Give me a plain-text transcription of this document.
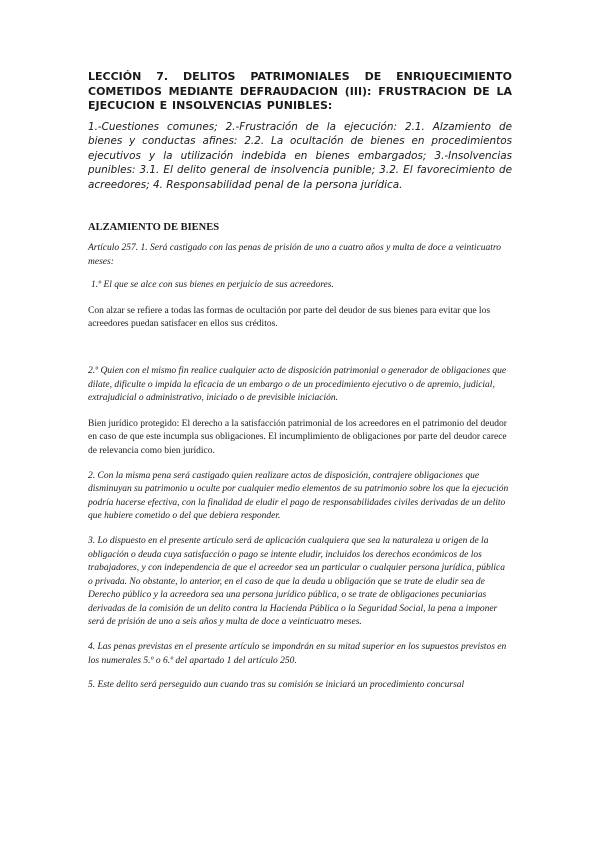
LECCIÓN 7. DELITOS PATRIMONIALES DE ENRIQUECIMIENTO COMETIDOS MEDIANTE DEFRAUDACION (III): FRUSTRACION DE LA EJECUCION E INSOLVENCIAS PUNIBLES:

1.-Cuestiones comunes; 2.-Frustración de la ejecución: 2.1. Alzamiento de bienes y conductas afines: 2.2. La ocultación de bienes en procedimientos ejecutivos y la utilización indebida en bienes embargados; 3.-Insolvencias punibles: 3.1. El delito general de insolvencia punible; 3.2. El favorecimiento de acreedores; 4. Responsabilidad penal de la persona jurídica.

ALZAMIENTO DE BIENES

Artículo 257. 1. Será castigado con las penas de prisión de uno a cuatro años y multa de doce a veinticuatro meses:

1.º El que se alce con sus bienes en perjuicio de sus acreedores.

Con alzar se refiere a todas las formas de ocultación por parte del deudor de sus bienes para evitar que los acreedores puedan satisfacer en ellos sus créditos.

2.º Quien con el mismo fin realice cualquier acto de disposición patrimonial o generador de obligaciones que dilate, dificulte o impida la eficacia de un embargo o de un procedimiento ejecutivo o de apremio, judicial, extrajudicial o administrativo, iniciado o de previsible iniciación.

Bien jurídico protegido: El derecho a la satisfacción patrimonial de los acreedores en el patrimonio del deudor en caso de que este incumpla sus obligaciones. El incumplimiento de obligaciones por parte del deudor carece de relevancia como bien jurídico.

2. Con la misma pena será castigado quien realizare actos de disposición, contrajere obligaciones que disminuyan su patrimonio u oculte por cualquier medio elementos de su patrimonio sobre los que la ejecución podría hacerse efectiva, con la finalidad de eludir el pago de responsabilidades civiles derivadas de un delito que hubiere cometido o del que debiera responder.

3. Lo dispuesto en el presente artículo será de aplicación cualquiera que sea la naturaleza u origen de la obligación o deuda cuya satisfacción o pago se intente eludir, incluidos los derechos económicos de los trabajadores, y con independencia de que el acreedor sea un particular o cualquier persona jurídica, pública o privada. No obstante, lo anterior, en el caso de que la deuda u obligación que se trate de eludir sea de Derecho público y la acreedora sea una persona jurídico pública, o se trate de obligaciones pecuniarias derivadas de la comisión de un delito contra la Hacienda Pública o la Seguridad Social, la pena a imponer será de prisión de uno a seis años y multa de doce a veinticuatro meses.

4. Las penas previstas en el presente artículo se impondrán en su mitad superior en los supuestos previstos en los numerales 5.º o 6.º del apartado 1 del artículo 250.

5. Este delito será perseguido aun cuando tras su comisión se iniciará un procedimiento concursal
